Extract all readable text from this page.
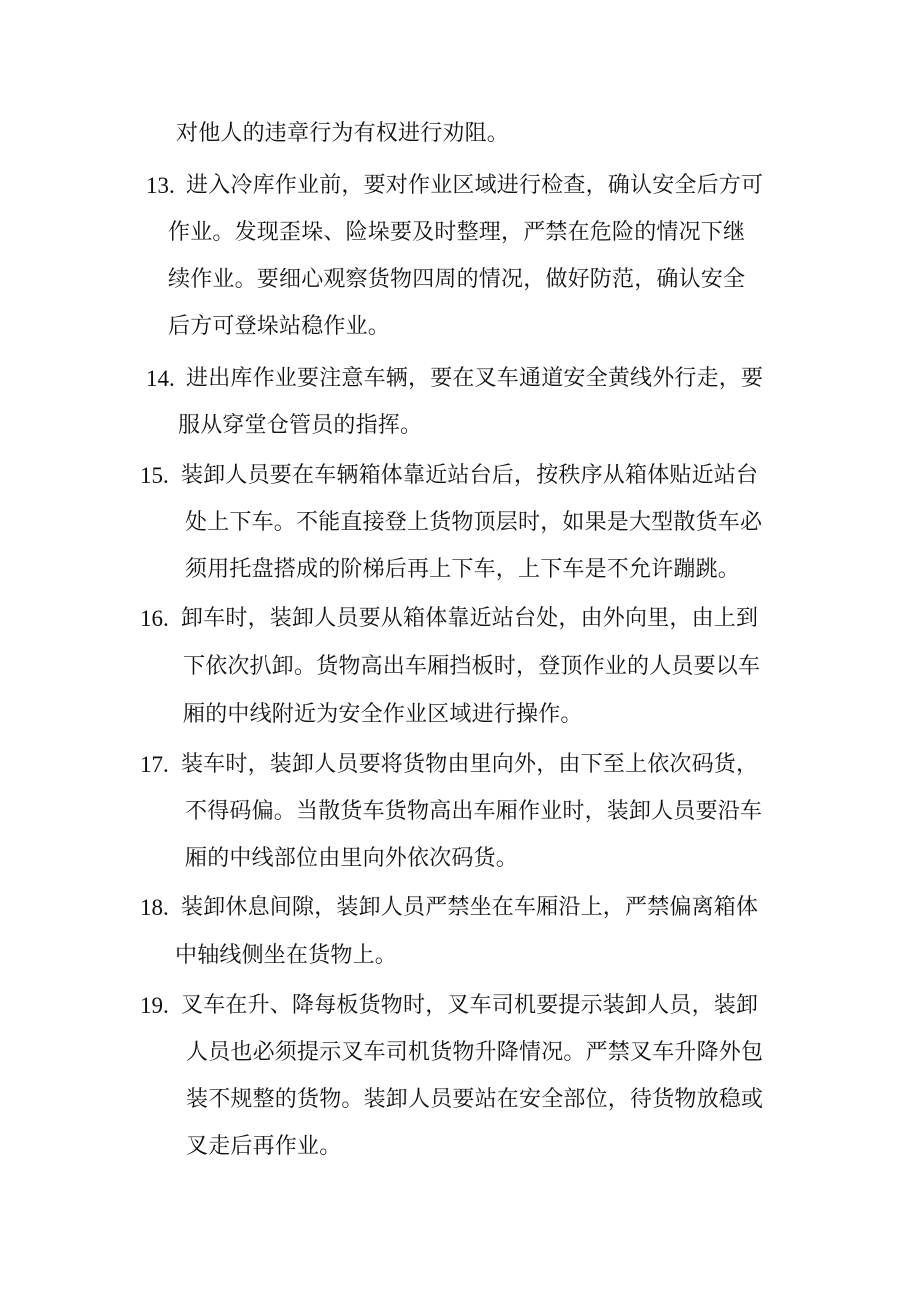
对他人的违章行为有权进行劝阻。
13. 进入冷库作业前，要对作业区域进行检查，确认安全后方可
作业。发现歪垛、险垛要及时整理，严禁在危险的情况下继
续作业。要细心观察货物四周的情况，做好防范，确认安全
后方可登垛站稳作业。
14. 进出库作业要注意车辆，要在叉车通道安全黄线外行走，要
服从穿堂仓管员的指挥。
15. 装卸人员要在车辆箱体靠近站台后，按秩序从箱体贴近站台
处上下车。不能直接登上货物顶层时，如果是大型散货车必
须用托盘搭成的阶梯后再上下车，上下车是不允许蹦跳。
16. 卸车时，装卸人员要从箱体靠近站台处，由外向里，由上到
下依次扒卸。货物高出车厢挡板时，登顶作业的人员要以车
厢的中线附近为安全作业区域进行操作。
17. 装车时，装卸人员要将货物由里向外，由下至上依次码货，
不得码偏。当散货车货物高出车厢作业时，装卸人员要沿车
厢的中线部位由里向外依次码货。
18. 装卸休息间隙，装卸人员严禁坐在车厢沿上，严禁偏离箱体
中轴线侧坐在货物上。
19. 叉车在升、降每板货物时，叉车司机要提示装卸人员，装卸
人员也必须提示叉车司机货物升降情况。严禁叉车升降外包
装不规整的货物。装卸人员要站在安全部位，待货物放稳或
叉走后再作业。
